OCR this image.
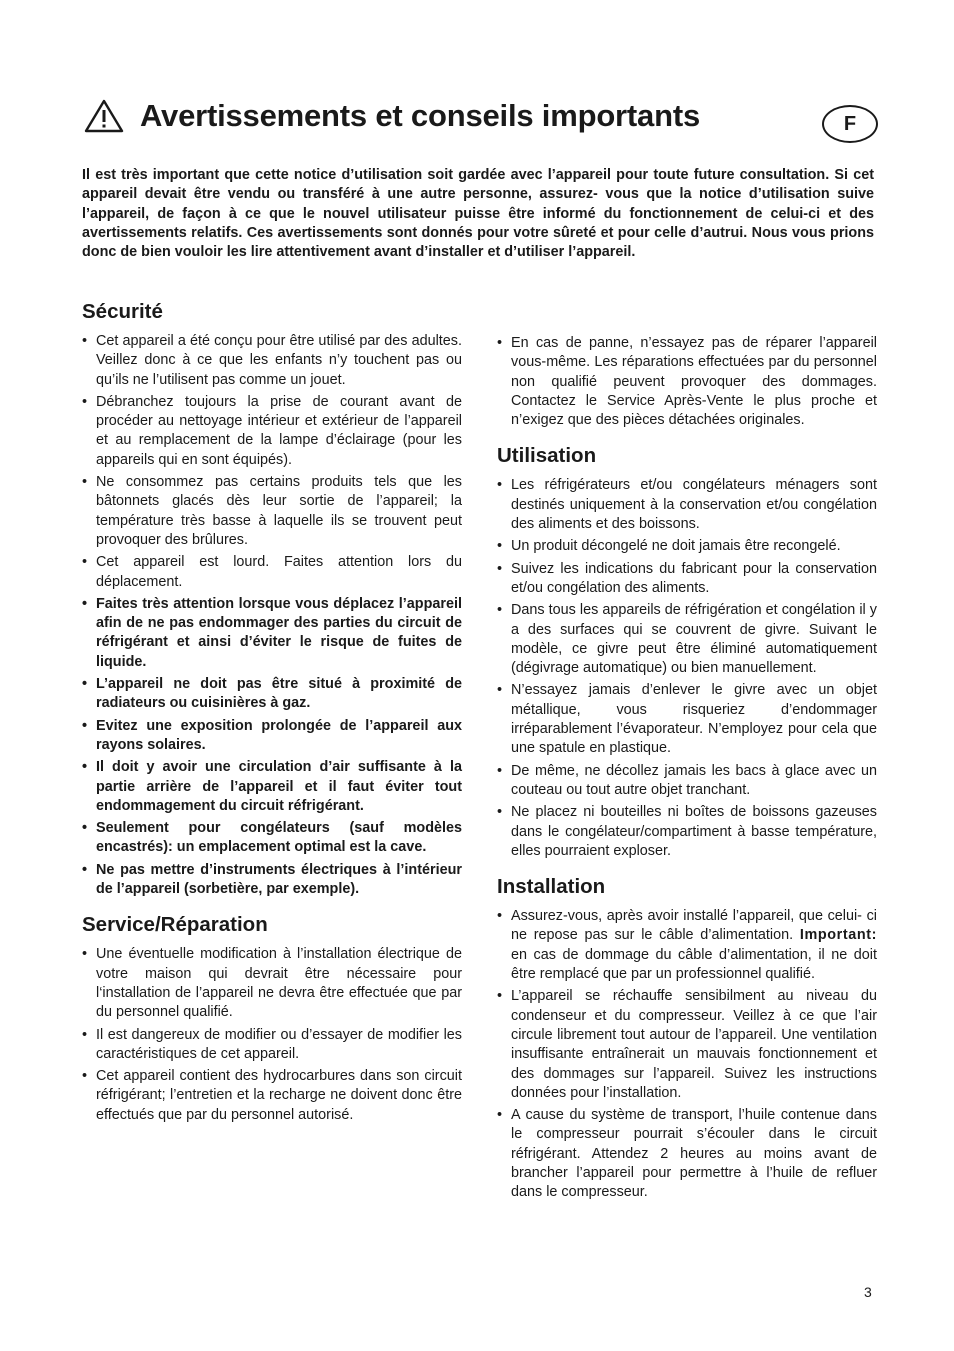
Avertissements et conseils importants	F

Il est très important que cette notice d’utilisation soit gardée avec l’appareil pour toute future consultation. Si cet appareil devait être vendu ou transféré à une autre personne, assurez- vous que la notice d’utilisation suive l’appareil, de façon à ce que le nouvel utilisateur puisse être informé du fonctionnement de celui-ci et des avertissements relatifs. Ces avertissements sont donnés pour votre sûreté et pour celle d’autrui. Nous vous prions donc de bien vouloir les lire attentivement avant d’installer et d’utiliser l’appareil.

Sécurité
• Cet appareil a été conçu pour être utilisé par des adultes. Veillez donc à ce que les enfants n’y touchent pas ou qu’ils ne l’utilisent pas comme un jouet.
• Débranchez toujours la prise de courant avant de procéder au nettoyage intérieur et extérieur de l’appareil et au remplacement de la lampe d’éclairage (pour les appareils qui en sont équipés).
• Ne consommez pas certains produits tels que les bâtonnets glacés dès leur sortie de l’appareil; la température très basse à laquelle ils se trouvent peut provoquer des brûlures.
• Cet appareil est lourd. Faites attention lors du déplacement.
• Faites très attention lorsque vous déplacez l’appareil afin de ne pas endommager des parties du circuit de réfrigérant et ainsi d’éviter le risque de fuites de liquide.
• L’appareil ne doit pas être situé à proximité de radiateurs ou cuisinières à gaz.
• Evitez une exposition prolongée de l’appareil aux rayons solaires.
• Il doit y avoir une circulation d’air suffisante à la partie arrière de l’appareil et il faut éviter tout endommagement du circuit réfrigérant.
• Seulement pour congélateurs (sauf modèles encastrés): un emplacement optimal est la cave.
• Ne pas mettre d’instruments électriques à l’intérieur de l’appareil (sorbetière, par exemple).
Service/Réparation
• Une éventuelle modification à l’installation électrique de votre maison qui devrait être nécessaire pour l‘installation de l’appareil ne devra être effectuée que par du personnel qualifié.
• Il est dangereux de modifier ou d’essayer de modifier les caractéristiques de cet appareil.
• Cet appareil contient des hydrocarbures dans son circuit réfrigérant; l’entretien et la recharge ne doivent donc être effectués que par du personnel autorisé.
• En cas de panne, n’essayez pas de réparer l’appareil vous-même. Les réparations effectuées par du personnel non qualifié peuvent provoquer des dommages. Contactez le Service Après-Vente le plus proche et n’exigez que des pièces détachées originales.
Utilisation
• Les réfrigérateurs et/ou congélateurs ménagers sont destinés uniquement à la conservation et/ou congélation des aliments et des boissons.
• Un produit décongelé ne doit jamais être recongelé.
• Suivez les indications du fabricant pour la conservation et/ou congélation des aliments.
• Dans tous les appareils de réfrigération et congélation il y a des surfaces qui se couvrent de givre. Suivant le modèle, ce givre peut être éliminé automatiquement (dégivrage automatique) ou bien manuellement.
• N’essayez jamais d’enlever le givre avec un objet métallique, vous risqueriez d’endommager irréparablement l’évaporateur. N’employez pour cela que une spatule en plastique.
• De même, ne décollez jamais les bacs à glace avec un couteau ou tout autre objet tranchant.
• Ne placez ni bouteilles ni boîtes de boissons gazeuses dans le congélateur/compartiment à basse température, elles pourraient exploser.
Installation
• Assurez-vous, après avoir installé l’appareil, que celui- ci ne repose pas sur le câble d’alimentation. Important: en cas de dommage du câble d’alimentation, il ne doit être remplacé que par un professionnel qualifié.
• L’appareil se réchauffe sensibilment au niveau du condenseur et du compresseur. Veillez à ce que l’air circule librement tout autour de l’appareil. Une ventilation insuffisante entraînerait un mauvais fonctionnement et des dommages sur l’appareil. Suivez les instructions données pour l’installation.
• A cause du système de transport, l’huile contenue dans le compresseur pourrait s’écouler dans le circuit réfrigérant. Attendez 2 heures au moins avant de brancher l’appareil pour permettre à l’huile de refluer dans le compresseur.
3
